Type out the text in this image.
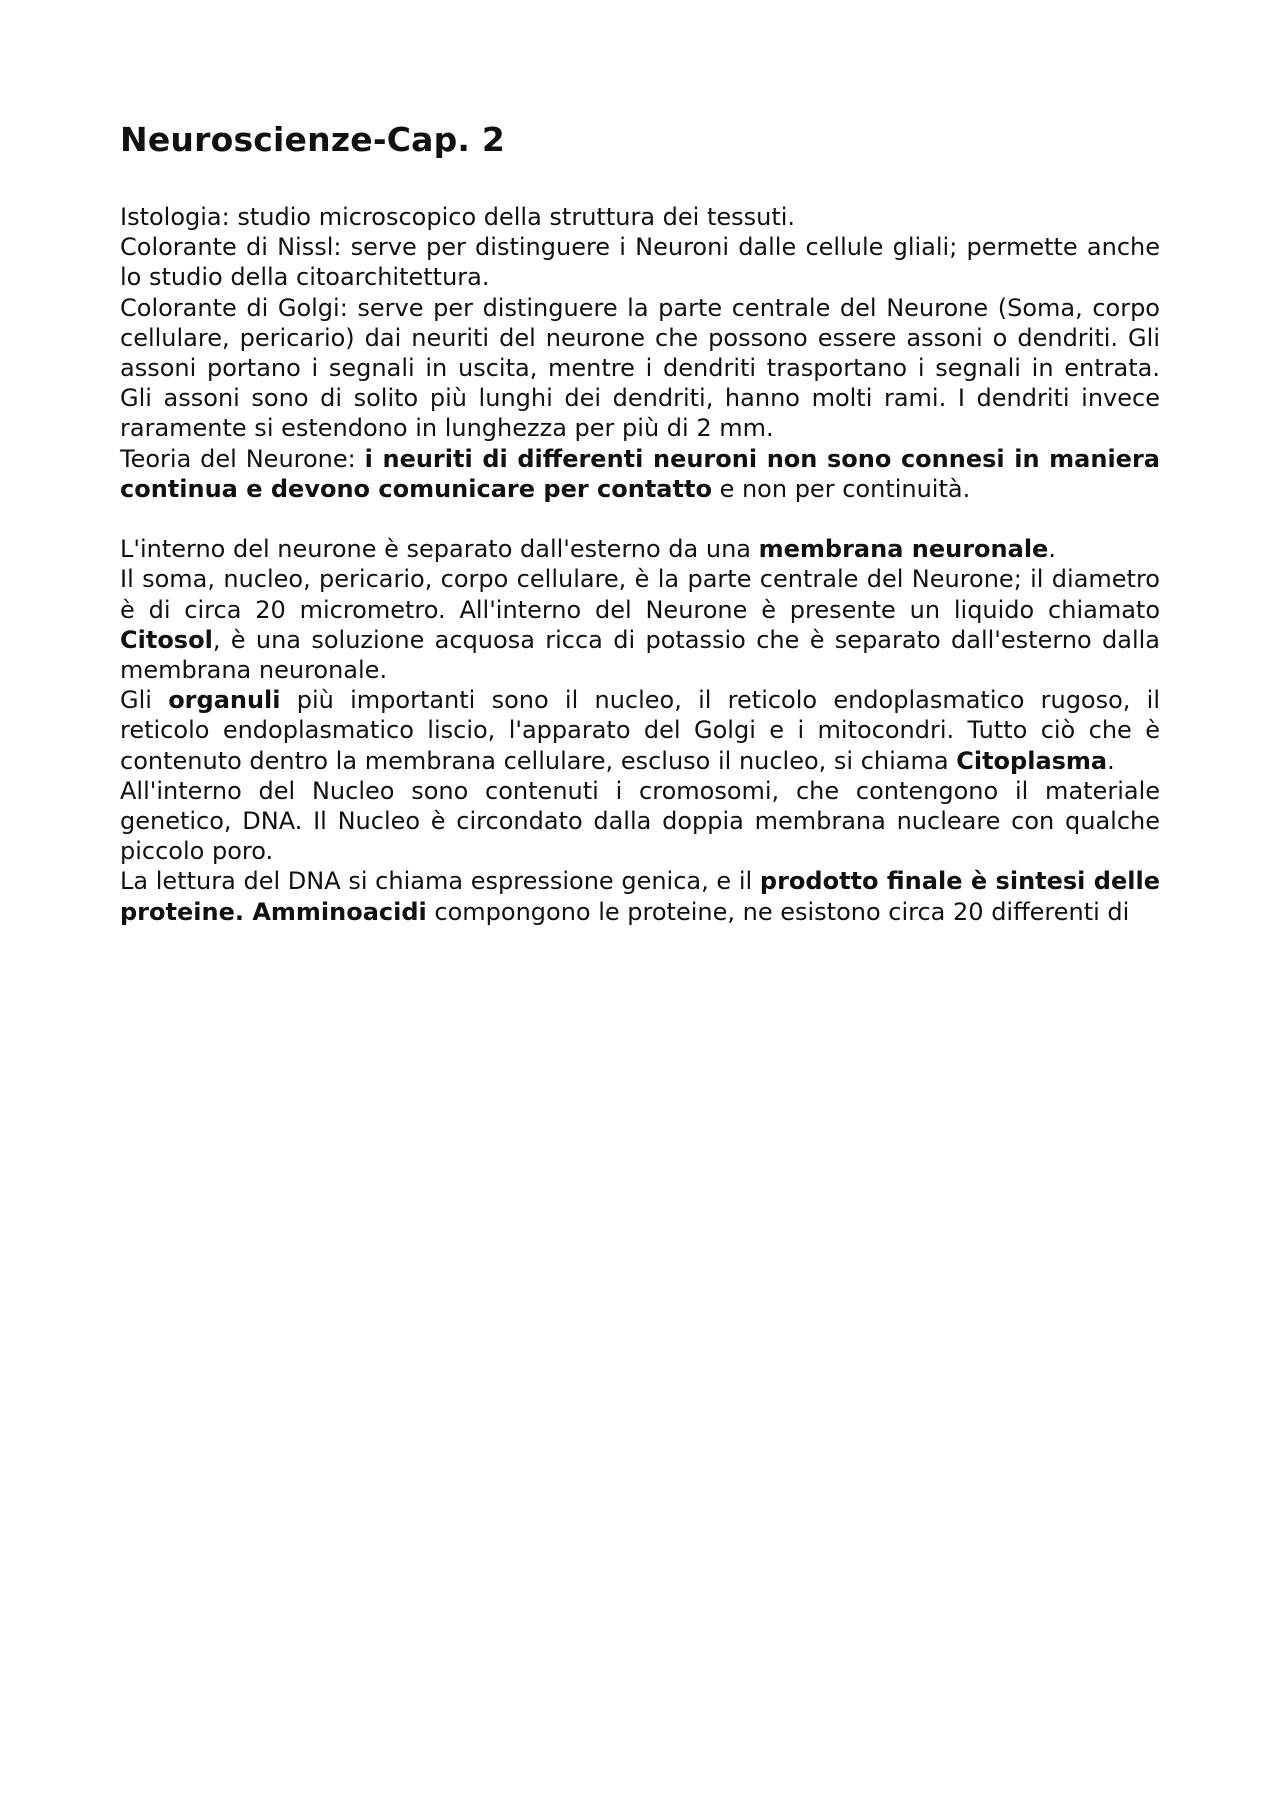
Neuroscienze-Cap. 2

Istologia: studio microscopico della struttura dei tessuti.

Colorante di Nissl: serve per distinguere i Neuroni dalle cellule gliali; permette anche lo studio della citoarchitettura.

Colorante di Golgi: serve per distinguere la parte centrale del Neurone (Soma, corpo cellulare, pericario) dai neuriti del neurone che possono essere assoni o dendriti. Gli assoni portano i segnali in uscita, mentre i dendriti trasportano i segnali in entrata.

Gli assoni sono di solito più lunghi dei dendriti, hanno molti rami. I dendriti invece raramente si estendono in lunghezza per più di 2 mm.

Teoria del Neurone: i neuriti di differenti neuroni non sono connesi in maniera continua e devono comunicare per contatto e non per continuità.

L'interno del neurone è separato dall'esterno da una membrana neuronale.

Il soma, nucleo, pericario, corpo cellulare, è la parte centrale del Neurone; il diametro è di circa 20 micrometro. All'interno del Neurone è presente un liquido chiamato Citosol, è una soluzione acquosa ricca di potassio che è separato dall'esterno dalla membrana neuronale.

Gli organuli più importanti sono il nucleo, il reticolo endoplasmatico rugoso, il reticolo endoplasmatico liscio, l'apparato del Golgi e i mitocondri. Tutto ciò che è contenuto dentro la membrana cellulare, escluso il nucleo, si chiama Citoplasma.

All'interno del Nucleo sono contenuti i cromosomi, che contengono il materiale genetico, DNA. Il Nucleo è circondato dalla doppia membrana nucleare con qualche piccolo poro.

La lettura del DNA si chiama espressione genica, e il prodotto finale è sintesi delle proteine. Amminoacidi compongono le proteine, ne esistono circa 20 differenti di
